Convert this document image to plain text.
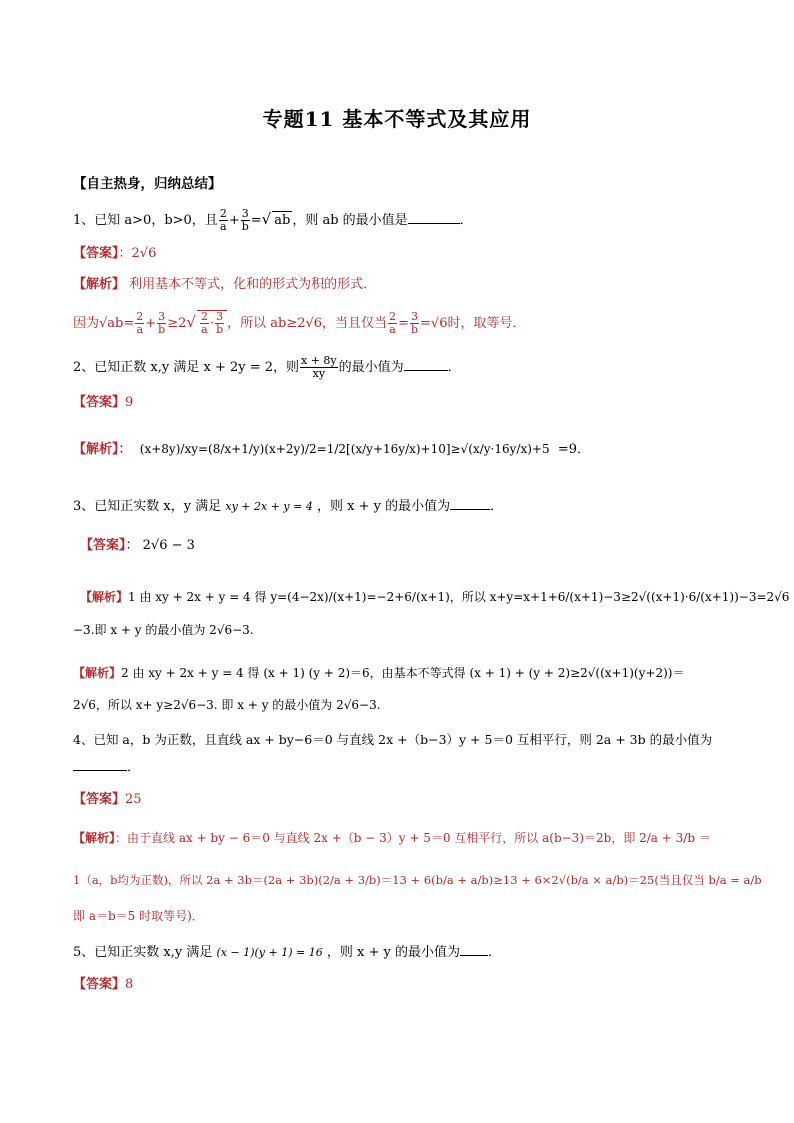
专题11 基本不等式及其应用
【自主热身，归纳总结】
1、已知 a>0，b>0，且 $\frac{2}{a} + \frac{3}{b}$ =√ ab ，则 ab 的最小值是	．
【答案】：2√6
【解析】 利用基本不等式，化和的形式为积的形式．
因为$√ab= \frac{2}{a} + \frac{3}{b} \ge 2√ \frac{2}{a} \cdot \frac{3}{b}$ ，所以 ab≥2√6，当且仅当 $\frac{2}{a} = \frac{3}{b} =√6$时，取等号．
2、已知正数 x,y 满足 x + 2y = 2，则 $\frac{x + 8y}{xy}$ 的最小值为	．
【答案】9
【解析】： (x+8y)/xy=(8/x+1/y)(x+2y)/2=1/2[(x/y+16y/x)+10]≥√(x/y·16y/x)+5 =9．
3、已知正实数 x，y 满足 xy + 2x + y = 4 ，则 x + y 的最小值为	．
【答案】： 2√6 − 3
【解析】1 由 xy + 2x + y = 4 得 y=(4−2x)/(x+1)=−2+6/(x+1)，所以 x+y=x+1+6/(x+1)−3≥2√((x+1)·6/(x+1))−3=2√6
−3.即 x + y 的最小值为 2√6−3.
【解析】2 由 xy + 2x + y = 4 得 (x + 1) (y + 2)＝6，由基本不等式得 (x + 1) + (y + 2)≥2√((x+1)(y+2))＝
2√6，所以 x+ y≥2√6−3. 即 x + y 的最小值为 2√6−3.
4、已知 a，b 为正数，且直线 ax + by−6＝0 与直线 2x +（b−3）y + 5＝0 互相平行，则 2a + 3b 的最小值为
．
【答案】25
【解析】：由于直线 ax + by − 6＝0 与直线 2x +（b − 3）y + 5＝0 互相平行，所以 a(b−3)＝2b，即 2/a + 3/b ＝
1（a，b均为正数)，所以 2a + 3b＝(2a + 3b)(2/a + 3/b)＝13 + 6(b/a + a/b)≥13 + 6×2√(b/a × a/b)＝25(当且仅当 b/a = a/b
即 a＝b＝5 时取等号)．
5、已知正实数 x,y 满足 (x − 1)(y + 1) = 16 ，则 x + y 的最小值为 ．
【答案】8
